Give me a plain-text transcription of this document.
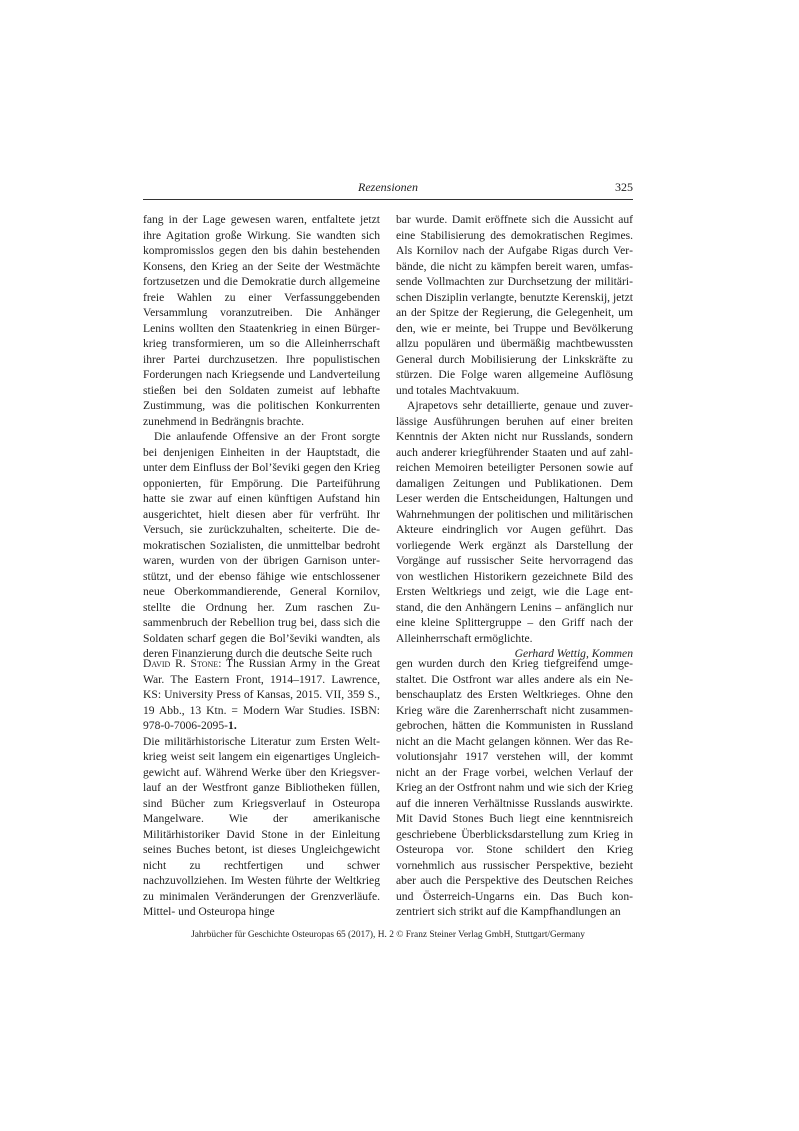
Rezensionen	325

fang in der Lage gewesen waren, entfaltete jetzt ihre Agitation große Wirkung. Sie wandten sich kompromisslos gegen den bis dahin bestehenden Konsens, den Krieg an der Seite der Westmächte fortzusetzen und die Demokratie durch allgemeine freie Wahlen zu einer Verfassunggebenden Versammlung voranzutreiben. Die Anhänger Lenins wollten den Staatenkrieg in einen Bürgerkrieg transformieren, um so die Alleinherrschaft ihrer Partei durchzusetzen. Ihre populistischen Forderungen nach Kriegsende und Landverteilung stießen bei den Soldaten zumeist auf lebhafte Zustimmung, was die politischen Konkurrenten zunehmend in Bedrängnis brachte.

Die anlaufende Offensive an der Front sorgte bei denjenigen Einheiten in der Hauptstadt, die unter dem Einfluss der Bol’ševiki gegen den Krieg opponierten, für Empörung. Die Parteiführung hatte sie zwar auf einen künftigen Aufstand hin ausgerichtet, hielt diesen aber für verfrüht. Ihr Versuch, sie zurückzuhalten, scheiterte. Die demokratischen Sozialisten, die unmittelbar bedroht waren, wurden von der übrigen Garnison unterstützt, und der ebenso fähige wie entschlossener neue Oberkommandierende, General Kornilov, stellte die Ordnung her. Zum raschen Zusammenbruch der Rebellion trug bei, dass sich die Soldaten scharf gegen die Bol’ševiki wandten, als deren Finanzierung durch die deutsche Seite ruch

bar wurde. Damit eröffnete sich die Aussicht auf eine Stabilisierung des demokratischen Regimes. Als Kornilov nach der Aufgabe Rigas durch Verbände, die nicht zu kämpfen bereit waren, umfassende Vollmachten zur Durchsetzung der militärischen Disziplin verlangte, benutzte Kerenskij, jetzt an der Spitze der Regierung, die Gelegenheit, um den, wie er meinte, bei Truppe und Bevölkerung allzu populären und übermäßig machtbewussten General durch Mobilisierung der Linkskräfte zu stürzen. Die Folge waren allgemeine Auflösung und totales Machtvakuum.

Ajrapetovs sehr detaillierte, genaue und zuverlässige Ausführungen beruhen auf einer breiten Kenntnis der Akten nicht nur Russlands, sondern auch anderer kriegführender Staaten und auf zahlreichen Memoiren beteiligter Personen sowie auf damaligen Zeitungen und Publikationen. Dem Leser werden die Entscheidungen, Haltungen und Wahrnehmungen der politischen und militärischen Akteure eindringlich vor Augen geführt. Das vorliegende Werk ergänzt als Darstellung der Vorgänge auf russischer Seite hervorragend das von westlichen Historikern gezeichnete Bild des Ersten Weltkriegs und zeigt, wie die Lage entstand, die den Anhängern Lenins – anfänglich nur eine kleine Splittergruppe – den Griff nach der Alleinherrschaft ermöglichte.

Gerhard Wettig, Kommen

David R. Stone: The Russian Army in the Great War. The Eastern Front, 1914–1917. Lawrence, KS: University Press of Kansas, 2015. VII, 359 S., 19 Abb., 13 Ktn. = Modern War Studies. ISBN: 978-0-7006-2095-1.

Die militärhistorische Literatur zum Ersten Weltkrieg weist seit langem ein eigenartiges Ungleichgewicht auf. Während Werke über den Kriegsverlauf an der Westfront ganze Bibliotheken füllen, sind Bücher zum Kriegsverlauf in Osteuropa Mangelware. Wie der amerikanische Militärhistoriker David Stone in der Einleitung seines Buches betont, ist dieses Ungleichgewicht nicht zu rechtfertigen und schwer nachzuvollziehen. Im Westen führte der Weltkrieg zu minimalen Veränderungen der Grenzverläufe. Mittel- und Osteuropa hinge

gen wurden durch den Krieg tiefgreifend umgestaltet. Die Ostfront war alles andere als ein Nebenschauplatz des Ersten Weltkrieges. Ohne den Krieg wäre die Zarenherrschaft nicht zusammengebrochen, hätten die Kommunisten in Russland nicht an die Macht gelangen können. Wer das Revolutionsjahr 1917 verstehen will, der kommt nicht an der Frage vorbei, welchen Verlauf der Krieg an der Ostfront nahm und wie sich der Krieg auf die inneren Verhältnisse Russlands auswirkte. Mit David Stones Buch liegt eine kenntnisreich geschriebene Überblicksdarstellung zum Krieg in Osteuropa vor. Stone schildert den Krieg vornehmlich aus russischer Perspektive, bezieht aber auch die Perspektive des Deutschen Reiches und Österreich-Ungarns ein. Das Buch konzentriert sich strikt auf die Kampfhandlungen an

Jahrbücher für Geschichte Osteuropas 65 (2017), H. 2 © Franz Steiner Verlag GmbH, Stuttgart/Germany
